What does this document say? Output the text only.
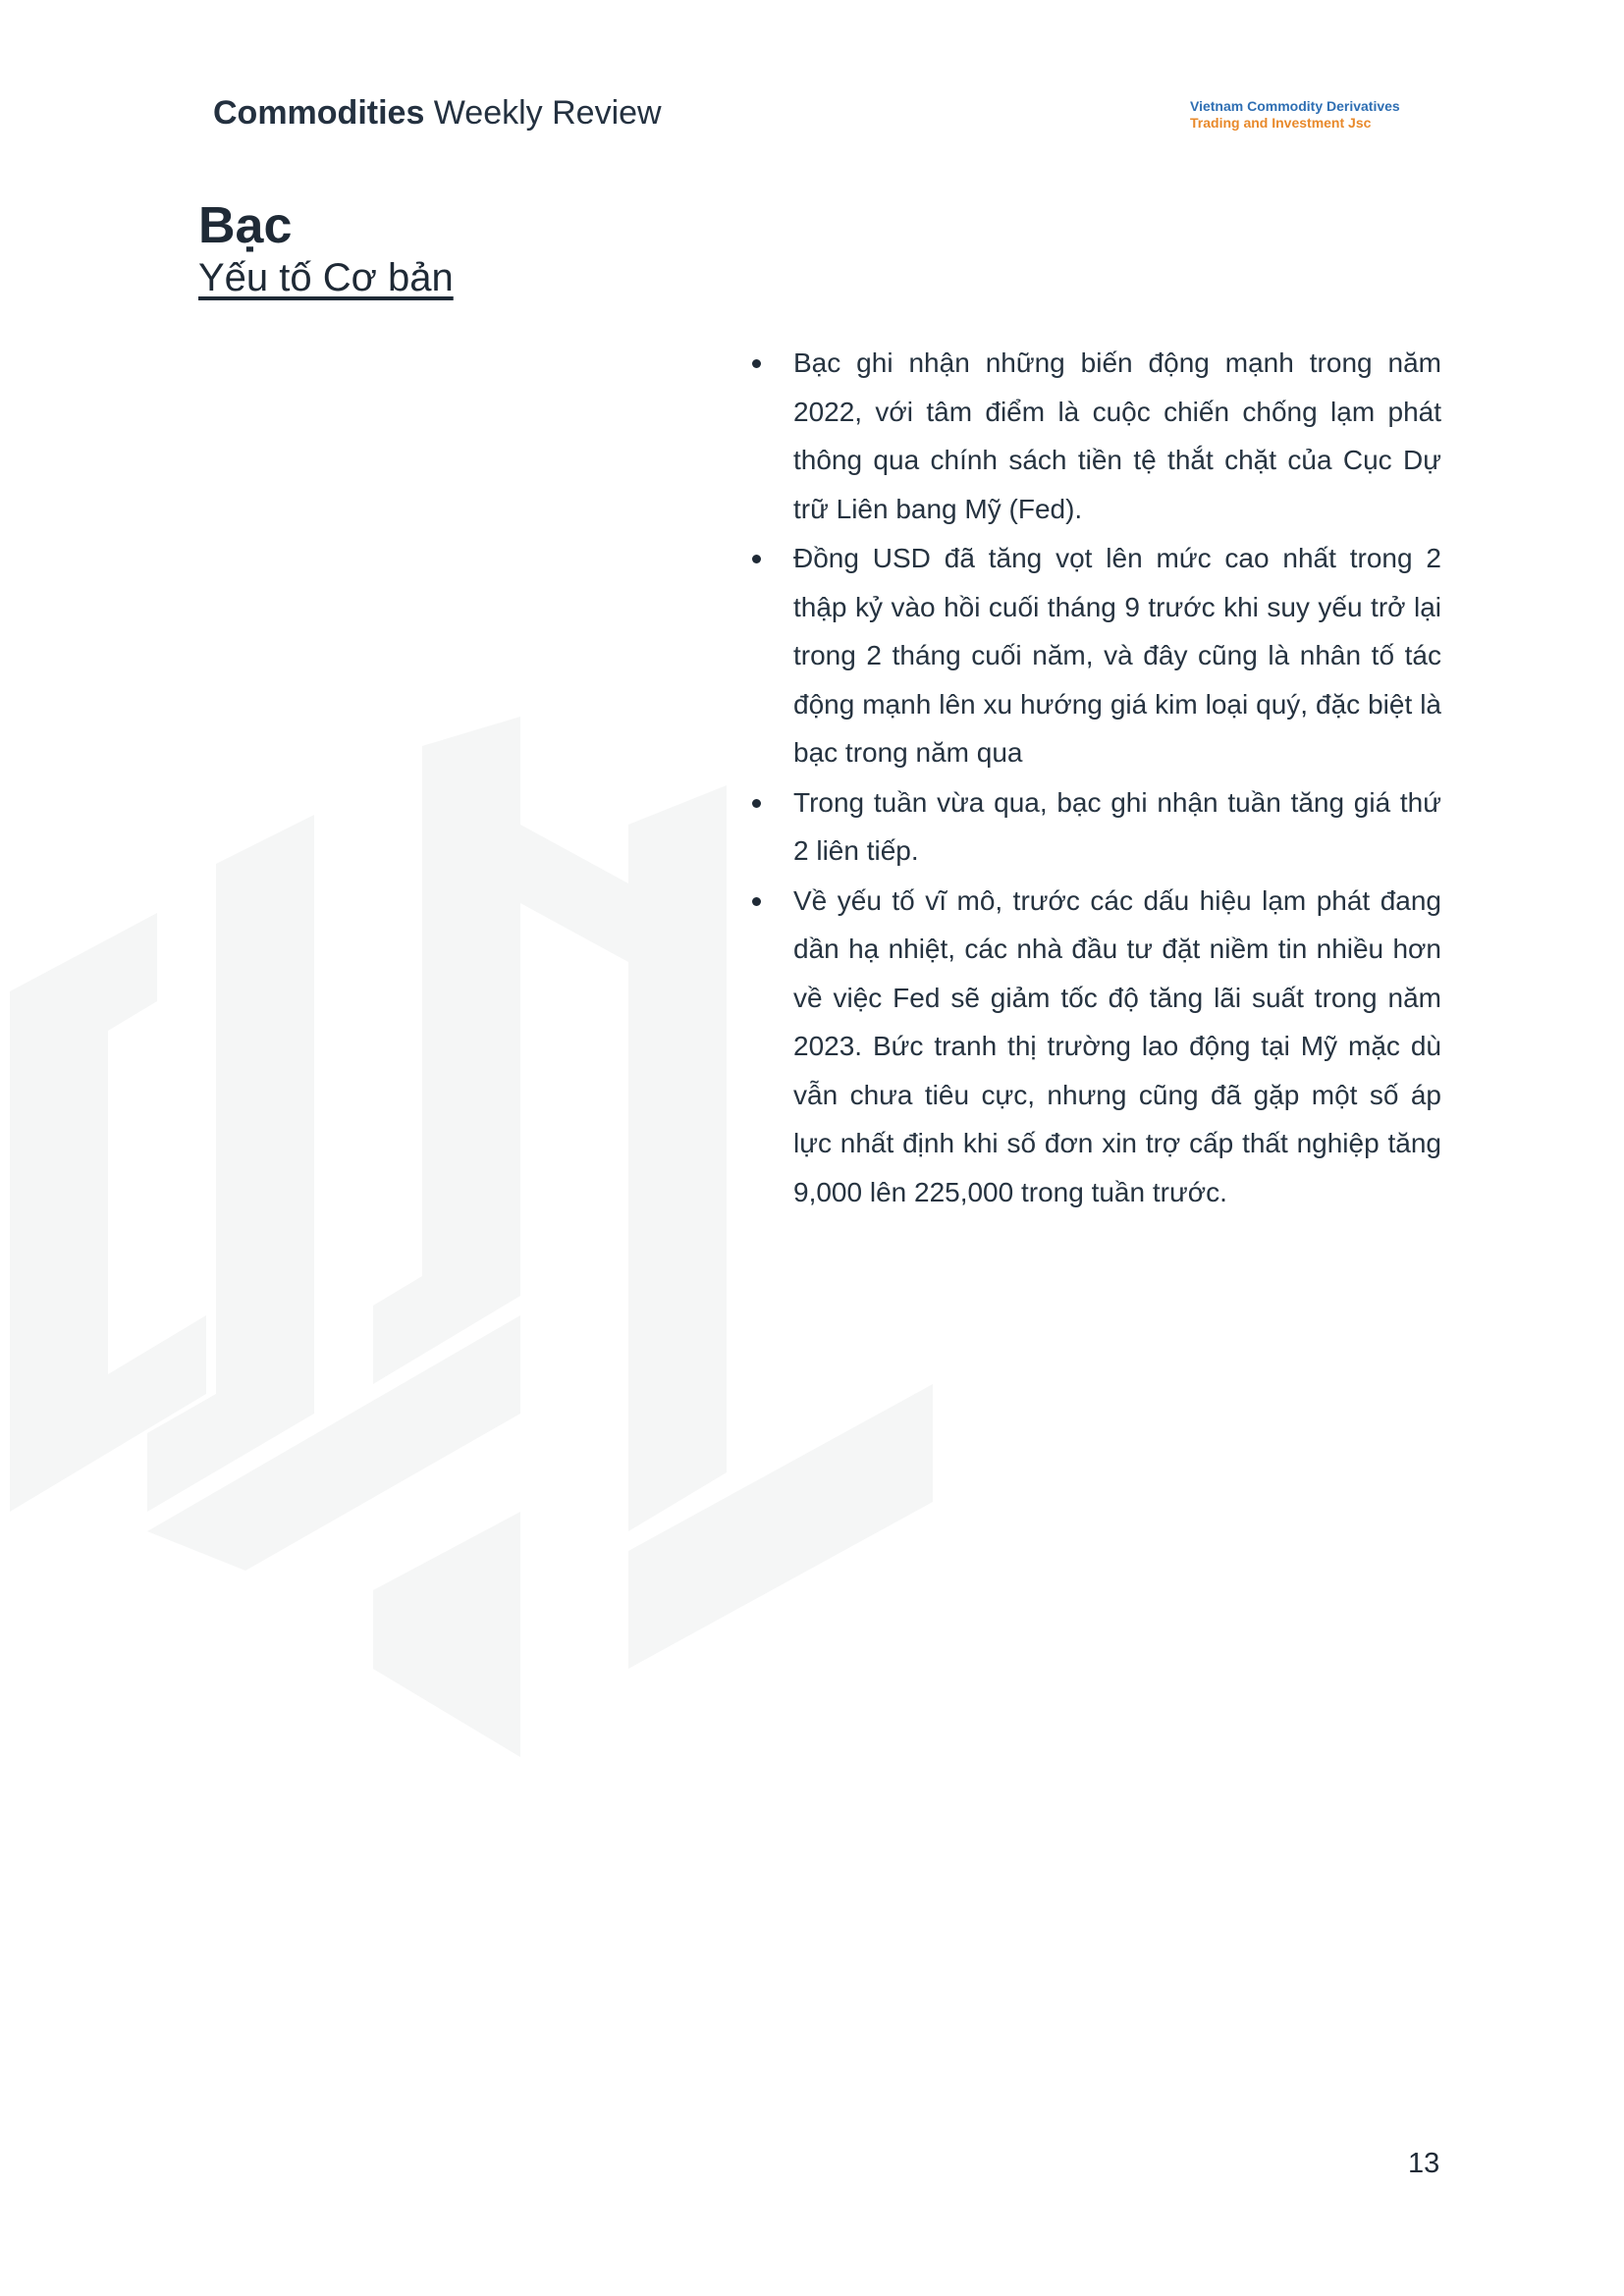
Commodities Weekly Review	Vietnam Commodity Derivatives
Trading and Investment Jsc
Bạc
Yếu tố Cơ bản
Bạc ghi nhận những biến động mạnh trong năm 2022, với tâm điểm là cuộc chiến chống lạm phát thông qua chính sách tiền tệ thắt chặt của Cục Dự trữ Liên bang Mỹ (Fed).
Đồng USD đã tăng vọt lên mức cao nhất trong 2 thập kỷ vào hồi cuối tháng 9 trước khi suy yếu trở lại trong 2 tháng cuối năm, và đây cũng là nhân tố tác động mạnh lên xu hướng giá kim loại quý, đặc biệt là bạc trong năm qua
Trong tuần vừa qua, bạc ghi nhận tuần tăng giá thứ 2 liên tiếp.
Về yếu tố vĩ mô, trước các dấu hiệu lạm phát đang dần hạ nhiệt, các nhà đầu tư đặt niềm tin nhiều hơn về việc Fed sẽ giảm tốc độ tăng lãi suất trong năm 2023. Bức tranh thị trường lao động tại Mỹ mặc dù vẫn chưa tiêu cực, nhưng cũng đã gặp một số áp lực nhất định khi số đơn xin trợ cấp thất nghiệp tăng 9,000 lên 225,000 trong tuần trước.
13
